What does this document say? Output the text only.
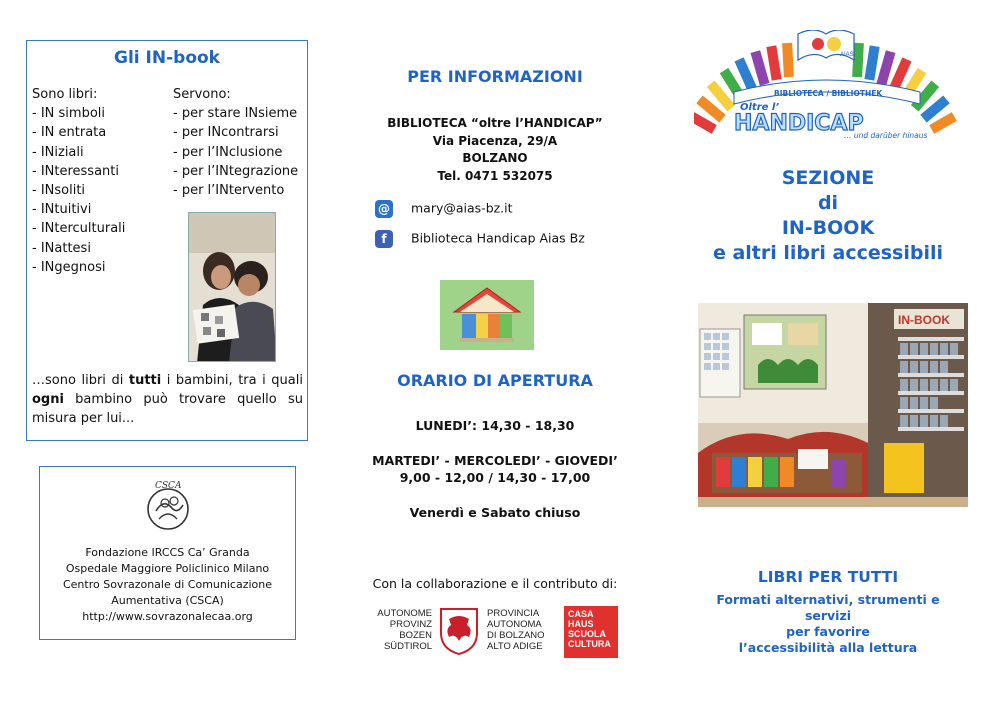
Gli IN-book
Sono libri:
- IN simboli
- IN entrata
- INiziali
- INteressanti
- INsoliti
- INtuitivi
- INterculturali
- INattesi
- INgegnosi
Servono:
- per stare INsieme
- per INcontrarsi
- per l’INclusione
- per l’INtegrazione
- per l’INtervento
…sono libri di tutti i bambini, tra i quali ogni bambino può trovare quello su misura per lui...
CSCA
Fondazione IRCCS Ca’ Granda
Ospedale Maggiore Policlinico Milano
Centro Sovrazonale di Comunicazione
Aumentativa (CSCA)
http://www.sovrazonalecaa.org
PER INFORMAZIONI
BIBLIOTECA “oltre l’HANDICAP”
Via Piacenza, 29/A
BOLZANO
Tel. 0471 532075
@ mary@aias-bz.it
f Biblioteca Handicap Aias Bz
ORARIO DI APERTURA
LUNEDI’: 14,30 - 18,30
MARTEDI’ - MERCOLEDI’ - GIOVEDI’
9,00 - 12,00 / 14,30 - 17,00
Venerdì e Sabato chiuso
Con la collaborazione e il contributo di:
AUTONOME
PROVINZ
BOZEN
SÜDTIROL
PROVINCIA
AUTONOMA
DI BOLZANO
ALTO ADIGE
CASA
HAUS
SCUOLA
CULTURA
AIAS
BIBLIOTECA / BIBLIOTHEK
Oltre l’
HANDICAP
… und darüber hinaus
SEZIONE
di
IN-BOOK
e altri libri accessibili
IN-BOOK
LIBRI PER TUTTI
Formati alternativi, strumenti e servizi
per favorire
l’accessibilità alla lettura
